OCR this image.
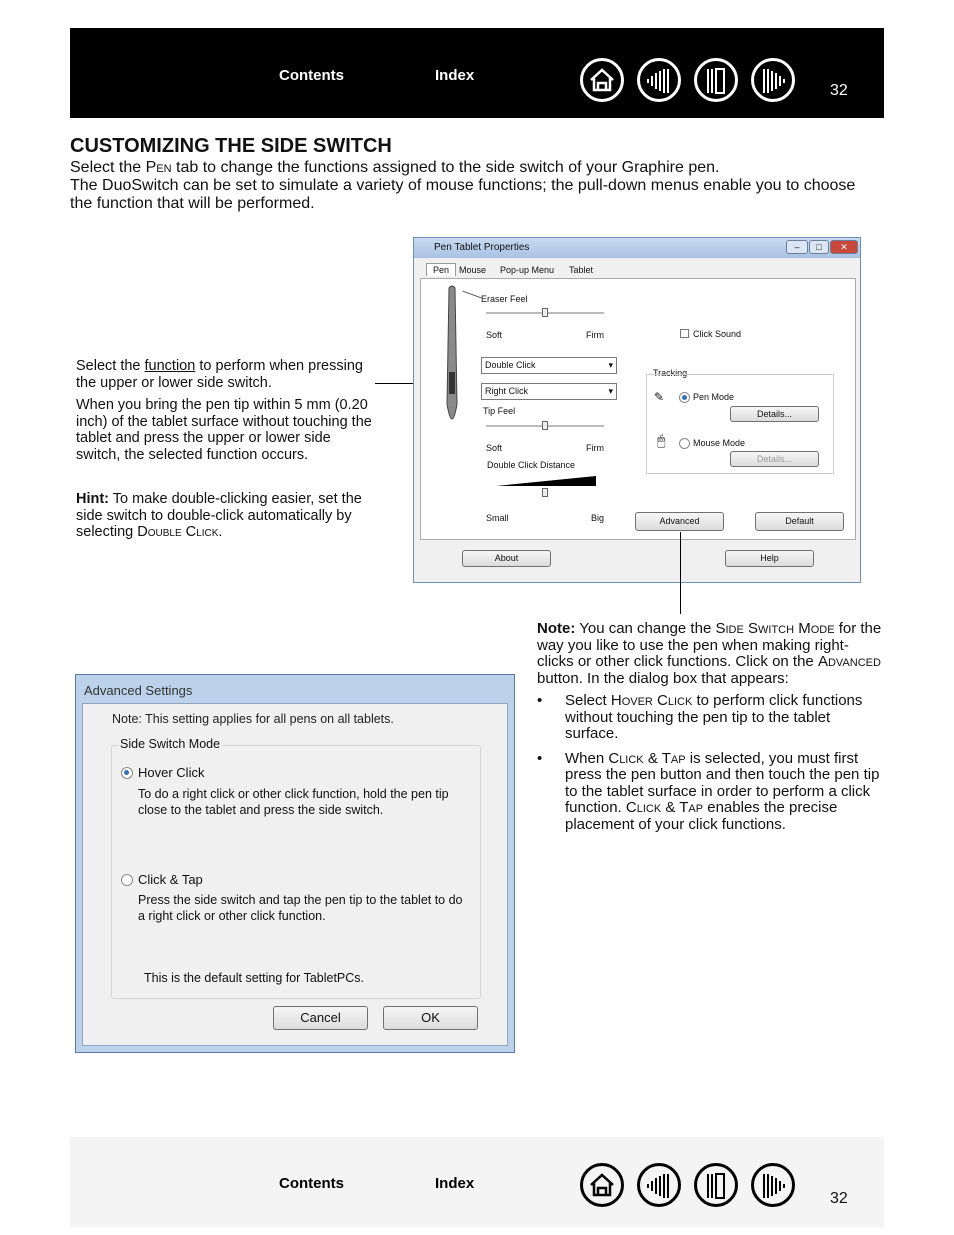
Contents	Index
32
CUSTOMIZING THE SIDE SWITCH
Select the Pen tab to change the functions assigned to the side switch of your Graphire pen.
The DuoSwitch can be set to simulate a variety of mouse functions; the pull-down menus enable you to choose the function that will be performed.
Select the function to perform when pressing the upper or lower side switch.
When you bring the pen tip within 5 mm (0.20 inch) of the tablet surface without touching the tablet and press the upper or lower side switch, the selected function occurs.
Hint: To make double-clicking easier, set the side switch to double-click automatically by selecting Double Click.
Pen Tablet Properties	–	□	✕
Pen	Mouse Pop-up Menu Tablet
Eraser Feel
Soft	Firm	Click Sound
Double Click	▾
Right Click	▾
Tip Feel
Soft	Firm
Double Click Distance
Small	Big
Tracking
✎	Pen Mode
Details...
🖱	Mouse Mode
Details...
Advanced	Default
About	Help
Note: You can change the Side Switch Mode for the way you like to use the pen when making right-clicks or other click functions. Click on the Advanced button. In the dialog box that appears:
• Select Hover Click to perform click functions without touching the pen tip to the tablet surface.
• When Click & Tap is selected, you must first press the pen button and then touch the pen tip to the tablet surface in order to perform a click function. Click & Tap enables the precise placement of your click functions.
Advanced Settings
Note: This setting applies for all pens on all tablets.
Side Switch Mode
Hover Click
To do a right click or other click function, hold the pen tip close to the tablet and press the side switch.
Click & Tap
Press the side switch and tap the pen tip to the tablet to do a right click or other click function.
This is the default setting for TabletPCs.
Cancel	OK
Contents	Index
32
